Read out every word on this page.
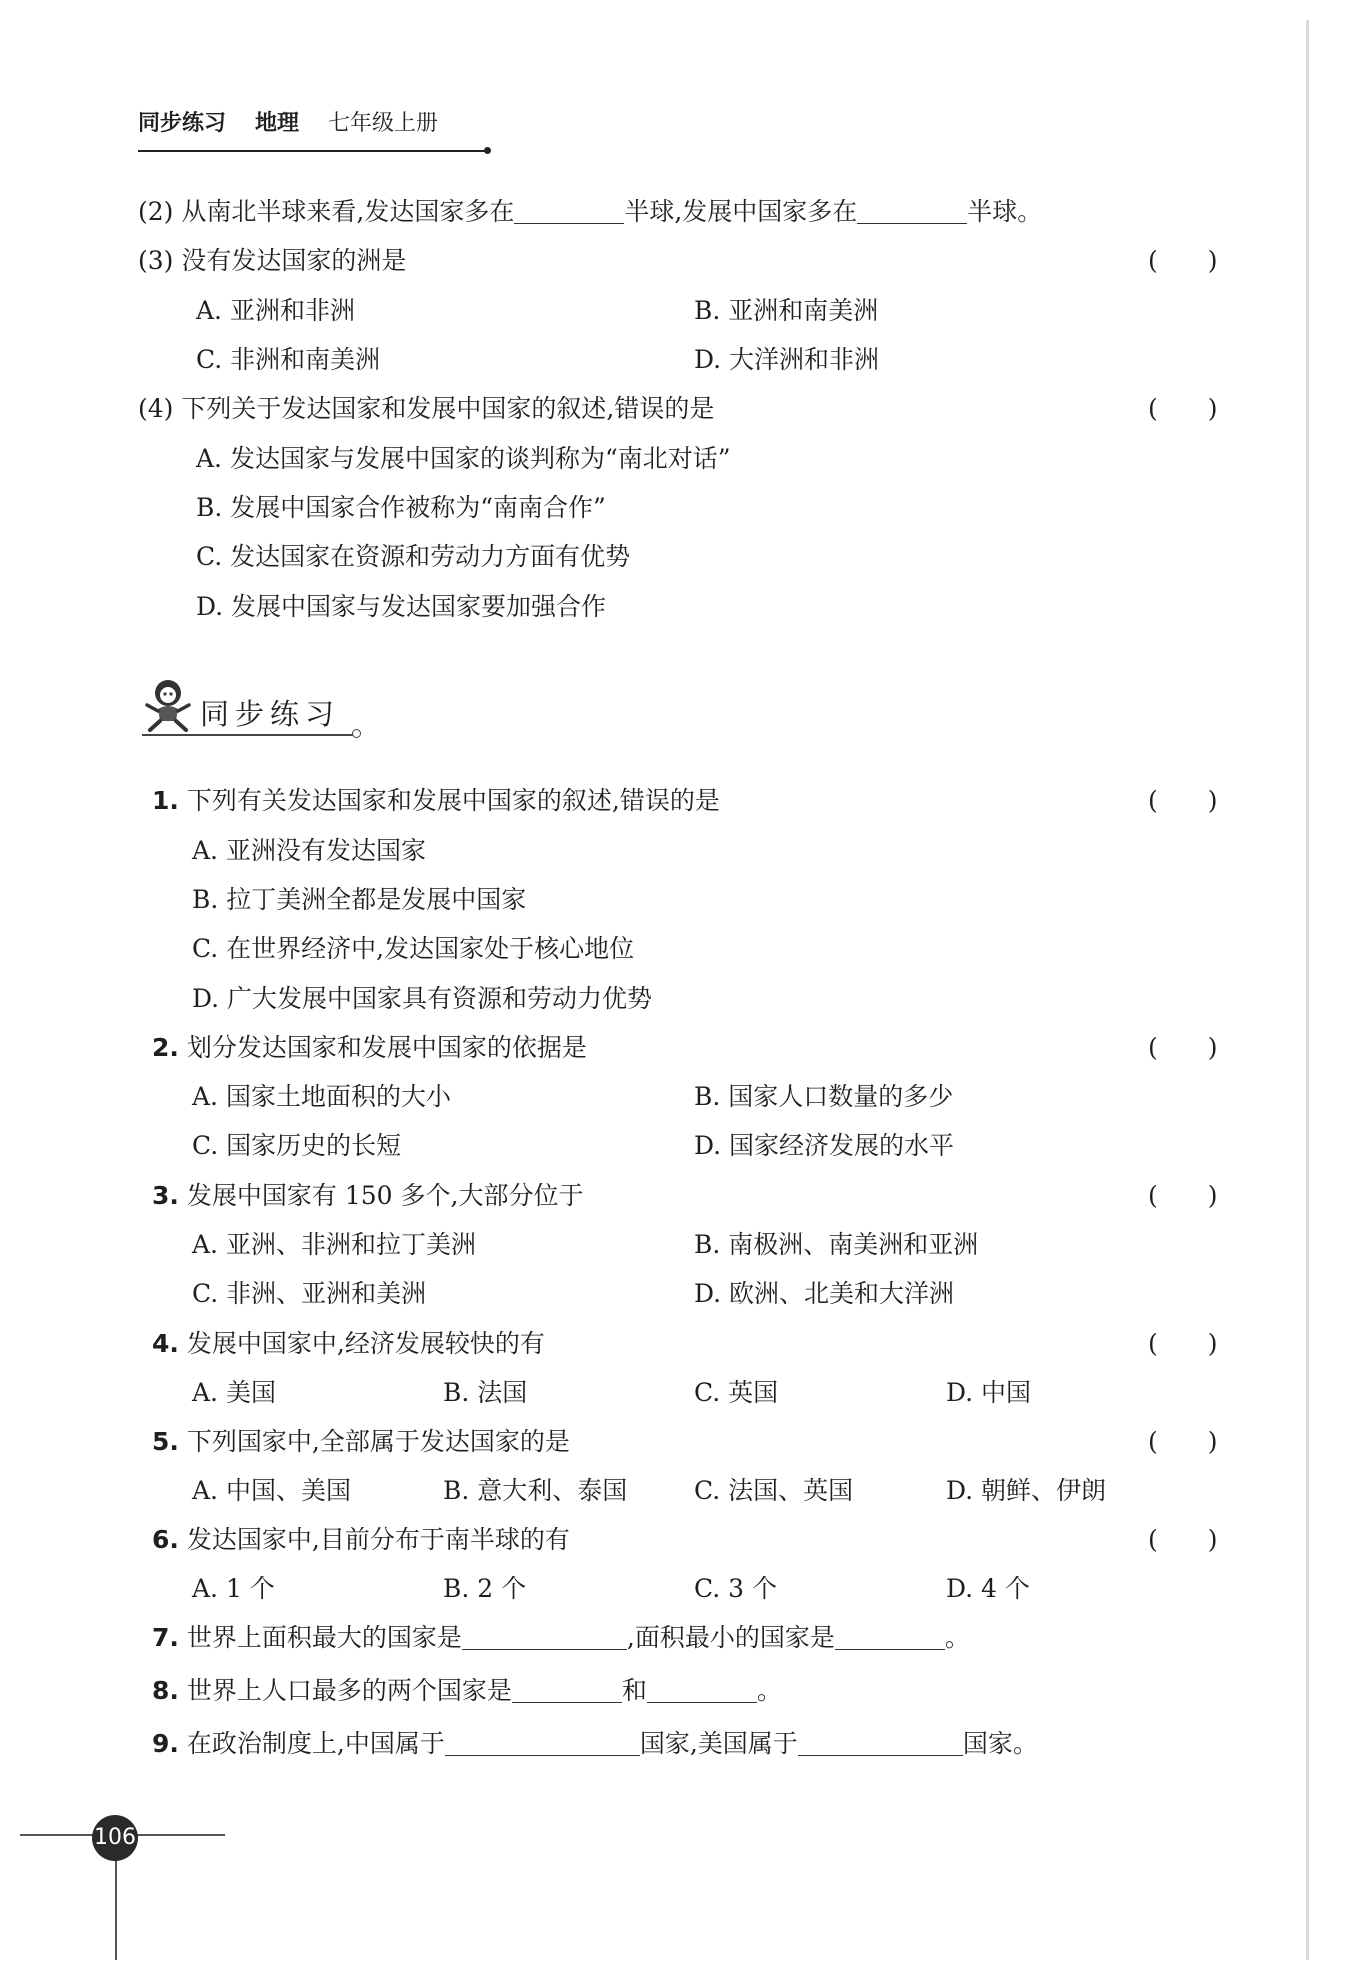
同步练习 地理 七年级上册
(2) 从南北半球来看,发达国家多在	半球,发展中国家多在	半球。
(3) 没有发达国家的洲是	(　　)
A. 亚洲和非洲	B. 亚洲和南美洲
C. 非洲和南美洲	D. 大洋洲和非洲
(4) 下列关于发达国家和发展中国家的叙述,错误的是	(　　)
A. 发达国家与发展中国家的谈判称为“南北对话”
B. 发展中国家合作被称为“南南合作”
C. 发达国家在资源和劳动力方面有优势
D. 发展中国家与发达国家要加强合作
同步练习
1. 下列有关发达国家和发展中国家的叙述,错误的是	(　　)
A. 亚洲没有发达国家
B. 拉丁美洲全都是发展中国家
C. 在世界经济中,发达国家处于核心地位
D. 广大发展中国家具有资源和劳动力优势
2. 划分发达国家和发展中国家的依据是	(　　)
A. 国家土地面积的大小	B. 国家人口数量的多少
C. 国家历史的长短	D. 国家经济发展的水平
3. 发展中国家有 150 多个,大部分位于	(　　)
A. 亚洲、非洲和拉丁美洲	B. 南极洲、南美洲和亚洲
C. 非洲、亚洲和美洲	D. 欧洲、北美和大洋洲
4. 发展中国家中,经济发展较快的有	(　　)
A. 美国	B. 法国	C. 英国	D. 中国
5. 下列国家中,全部属于发达国家的是	(　　)
A. 中国、美国	B. 意大利、泰国	C. 法国、英国	D. 朝鲜、伊朗
6. 发达国家中,目前分布于南半球的有	(　　)
A. 1 个	B. 2 个	C. 3 个	D. 4 个
7. 世界上面积最大的国家是	,面积最小的国家是	。
8. 世界上人口最多的两个国家是	和	。
9. 在政治制度上,中国属于	国家,美国属于	国家。
106
